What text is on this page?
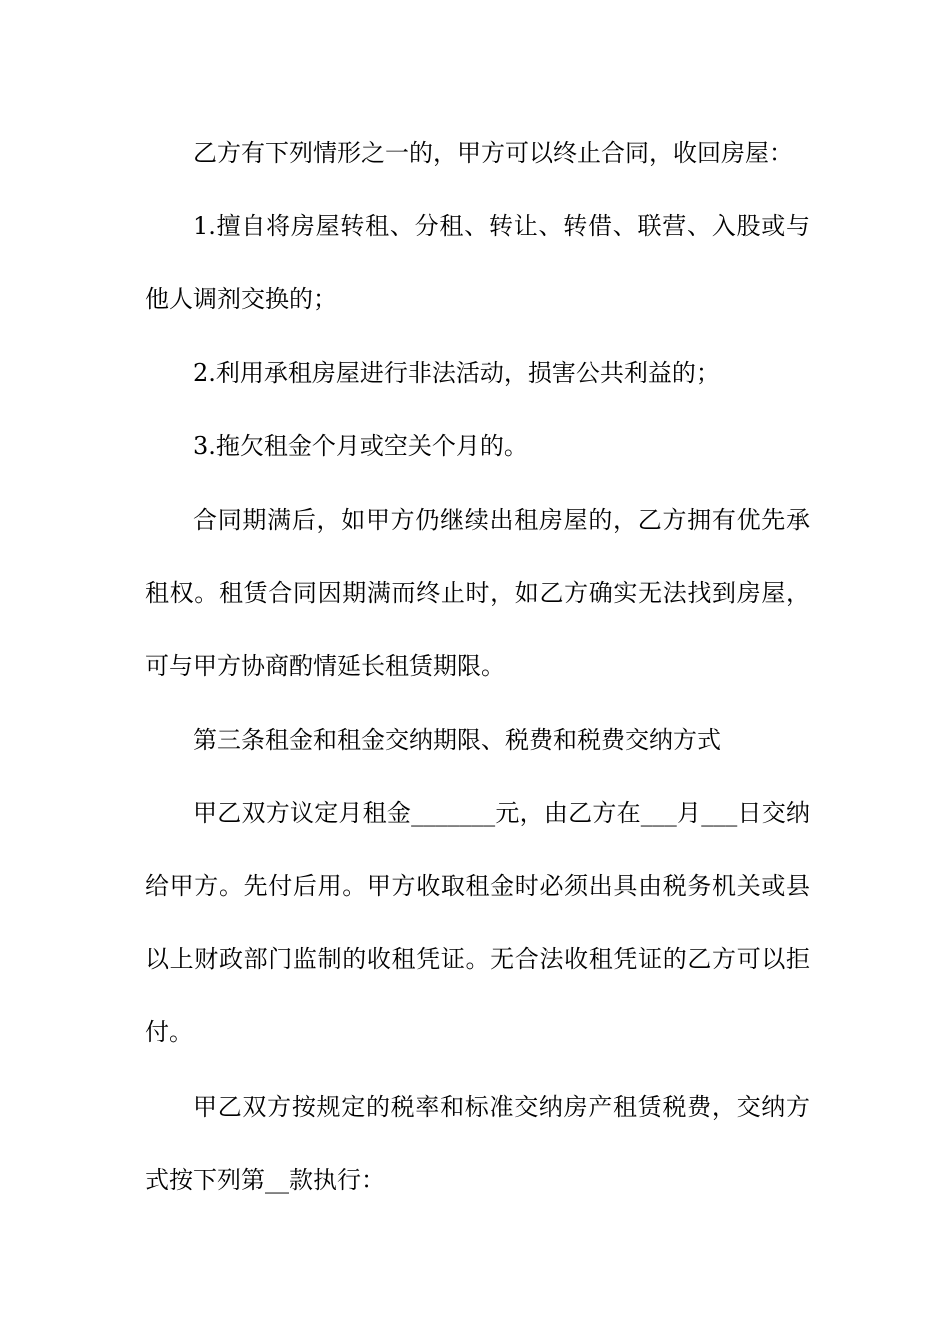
乙方有下列情形之一的，甲方可以终止合同，收回房屋：

1.擅自将房屋转租、分租、转让、转借、联营、入股或与他人调剂交换的；

2.利用承租房屋进行非法活动，损害公共利益的；

3.拖欠租金个月或空关个月的。

合同期满后，如甲方仍继续出租房屋的，乙方拥有优先承租权。租赁合同因期满而终止时，如乙方确实无法找到房屋，可与甲方协商酌情延长租赁期限。

第三条租金和租金交纳期限、税费和税费交纳方式

甲乙双方议定月租金_______元，由乙方在___月___日交纳给甲方。先付后用。甲方收取租金时必须出具由税务机关或县以上财政部门监制的收租凭证。无合法收租凭证的乙方可以拒付。

甲乙双方按规定的税率和标准交纳房产租赁税费，交纳方式按下列第__款执行：
